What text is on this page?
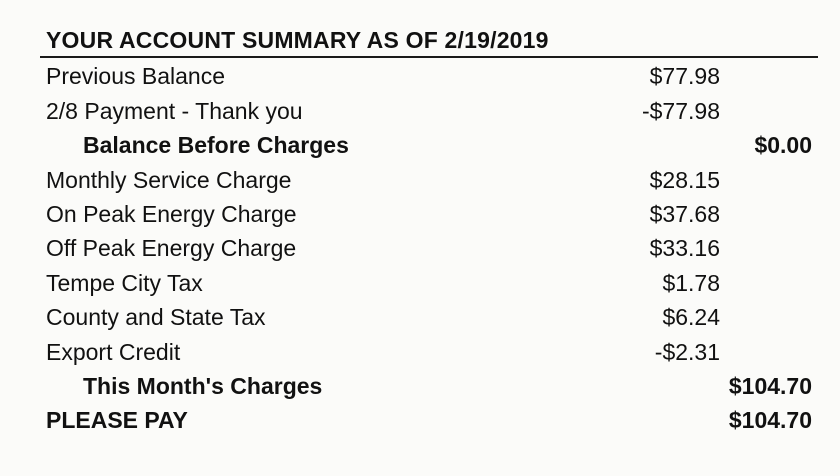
YOUR ACCOUNT SUMMARY AS OF 2/19/2019
Previous Balance	$77.98
2/8 Payment - Thank you	-$77.98
Balance Before Charges	$0.00
Monthly Service Charge	$28.15
On Peak Energy Charge	$37.68
Off Peak Energy Charge	$33.16
Tempe City Tax	$1.78
County and State Tax	$6.24
Export Credit	-$2.31
This Month's Charges	$104.70
PLEASE PAY	$104.70
